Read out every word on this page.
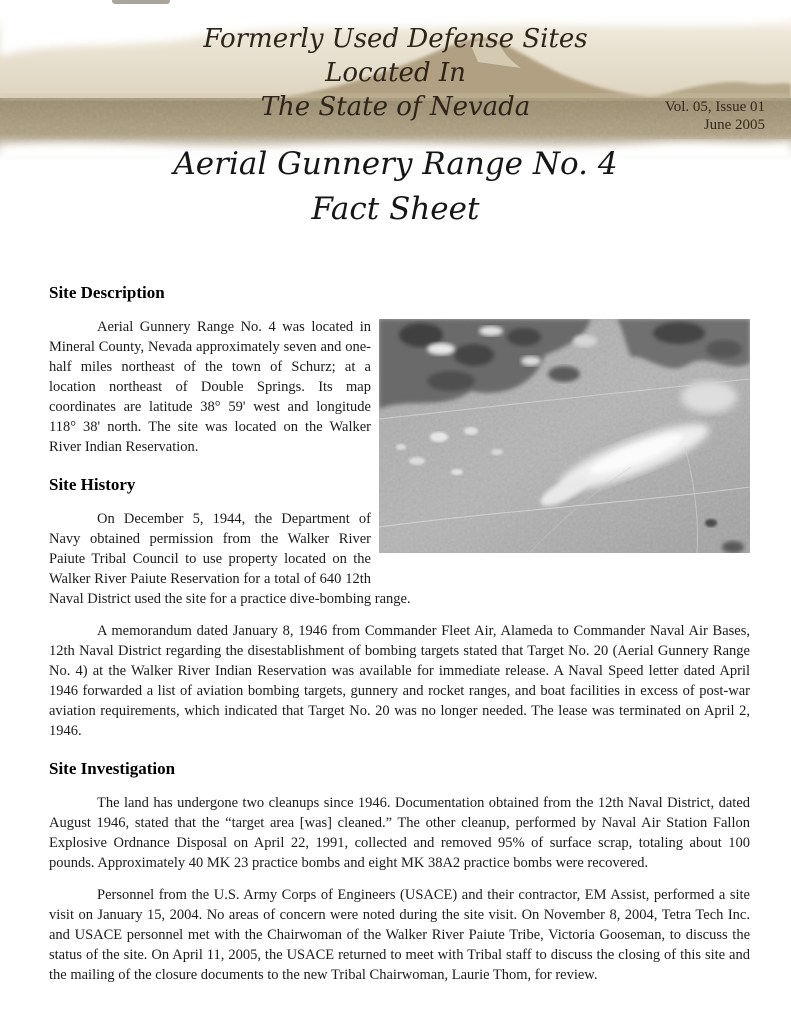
Formerly Used Defense Sites
Located In
The State of Nevada	Vol. 05, Issue 01
June 2005
Aerial Gunnery Range No. 4
Fact Sheet
Site Description

Aerial Gunnery Range No. 4 was located in Mineral County, Nevada approximately seven and one-half miles northeast of the town of Schurz; at a location northeast of Double Springs. Its map coordinates are latitude 38° 59' west and longitude 118° 38' north. The site was located on the Walker River Indian Reservation.

Site History

On December 5, 1944, the Department of Navy obtained permission from the Walker River Paiute Tribal Council to use property located on the Walker River Paiute Reservation for a total of 640 12th Naval District used the site for a practice dive-bombing range.

A memorandum dated January 8, 1946 from Commander Fleet Air, Alameda to Commander Naval Air Bases, 12th Naval District regarding the disestablishment of bombing targets stated that Target No. 20 (Aerial Gunnery Range No. 4) at the Walker River Indian Reservation was available for immediate release. A Naval Speed letter dated April 1946 forwarded a list of aviation bombing targets, gunnery and rocket ranges, and boat facilities in excess of post-war aviation requirements, which indicated that Target No. 20 was no longer needed. The lease was terminated on April 2, 1946.

Site Investigation

The land has undergone two cleanups since 1946. Documentation obtained from the 12th Naval District, dated August 1946, stated that the “target area [was] cleaned.” The other cleanup, performed by Naval Air Station Fallon Explosive Ordnance Disposal on April 22, 1991, collected and removed 95% of surface scrap, totaling about 100 pounds. Approximately 40 MK 23 practice bombs and eight MK 38A2 practice bombs were recovered.

Personnel from the U.S. Army Corps of Engineers (USACE) and their contractor, EM Assist, performed a site visit on January 15, 2004. No areas of concern were noted during the site visit. On November 8, 2004, Tetra Tech Inc. and USACE personnel met with the Chairwoman of the Walker River Paiute Tribe, Victoria Gooseman, to discuss the status of the site. On April 11, 2005, the USACE returned to meet with Tribal staff to discuss the closing of this site and the mailing of the closure documents to the new Tribal Chairwoman, Laurie Thom, for review.
